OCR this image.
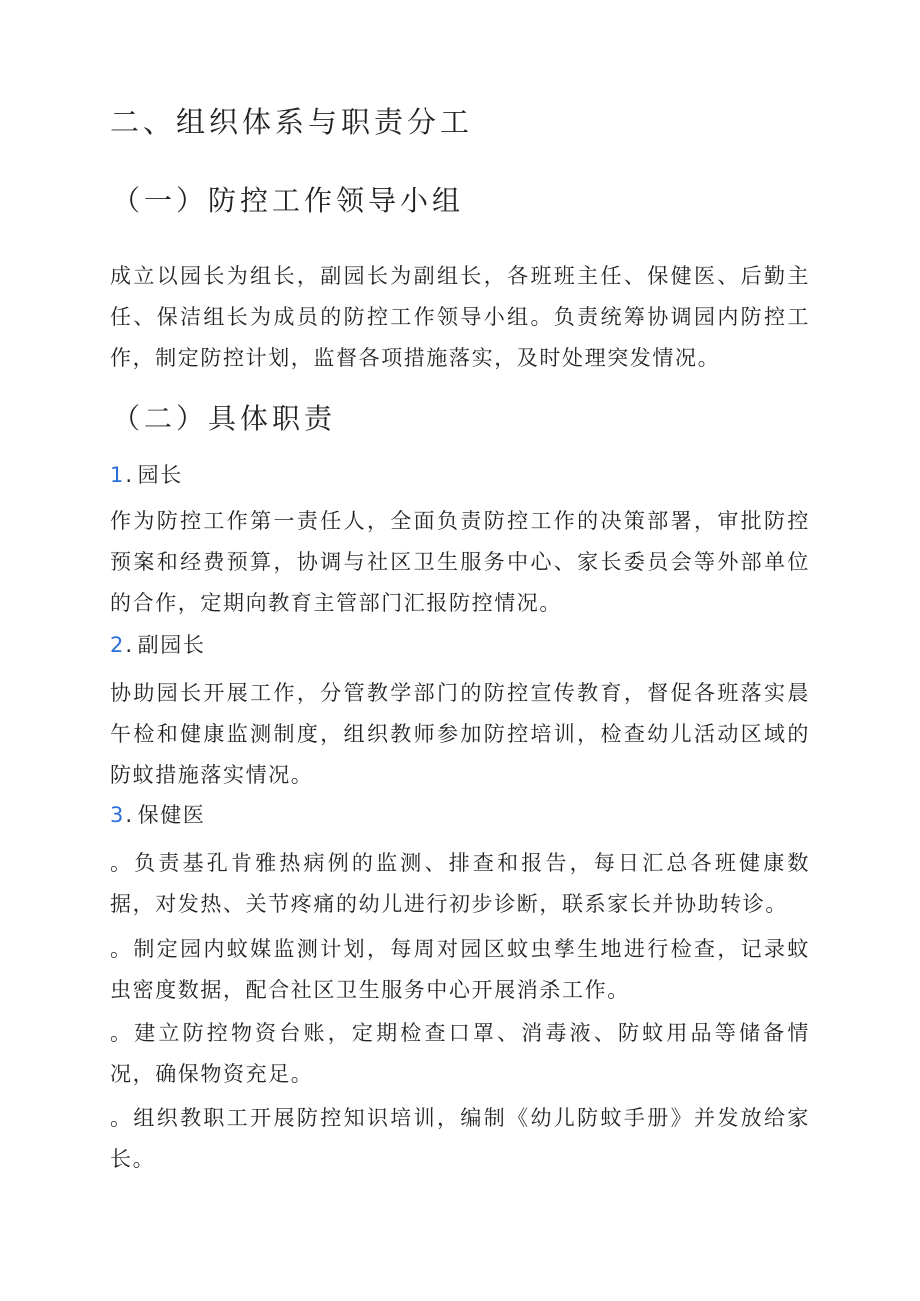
二、组织体系与职责分工
（一）防控工作领导小组
成立以园长为组长，副园长为副组长，各班班主任、保健医、后勤主任、保洁组长为成员的防控工作领导小组。负责统筹协调园内防控工作，制定防控计划，监督各项措施落实，及时处理突发情况。
（二）具体职责
1. 园长
作为防控工作第一责任人，全面负责防控工作的决策部署，审批防控预案和经费预算，协调与社区卫生服务中心、家长委员会等外部单位的合作，定期向教育主管部门汇报防控情况。
2. 副园长
协助园长开展工作，分管教学部门的防控宣传教育，督促各班落实晨午检和健康监测制度，组织教师参加防控培训，检查幼儿活动区域的防蚊措施落实情况。
3. 保健医
。负责基孔肯雅热病例的监测、排查和报告，每日汇总各班健康数据，对发热、关节疼痛的幼儿进行初步诊断，联系家长并协助转诊。
。制定园内蚊媒监测计划，每周对园区蚊虫孳生地进行检查，记录蚊虫密度数据，配合社区卫生服务中心开展消杀工作。
。建立防控物资台账，定期检查口罩、消毒液、防蚊用品等储备情况，确保物资充足。
。组织教职工开展防控知识培训，编制《幼儿防蚊手册》并发放给家长。
